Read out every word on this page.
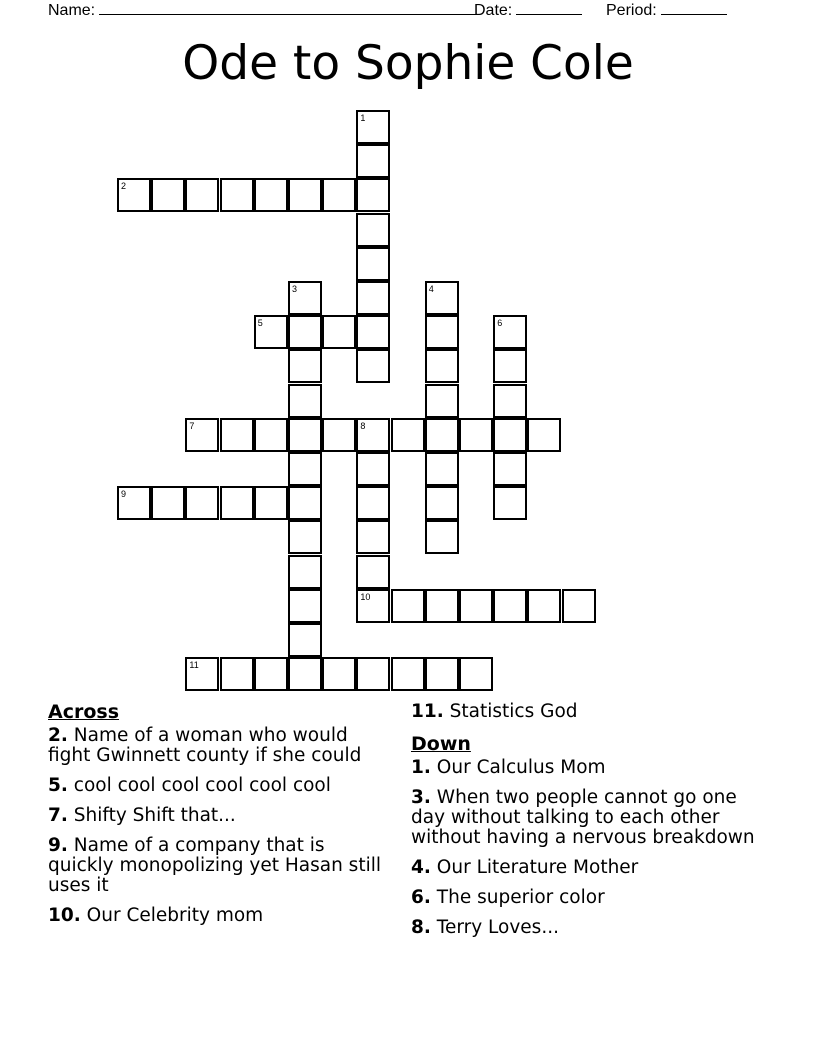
Name:	Date:	Period:
Ode to Sophie Cole
1
2
3	4
5	6
7	8
9
10
11
Across
2. Name of a woman who would fight Gwinnett county if she could
5. cool cool cool cool cool cool
7. Shifty Shift that...
9. Name of a company that is quickly monopolizing yet Hasan still uses it
10. Our Celebrity mom
11. Statistics God
Down
1. Our Calculus Mom
3. When two people cannot go one day without talking to each other without having a nervous breakdown
4. Our Literature Mother
6. The superior color
8. Terry Loves...
